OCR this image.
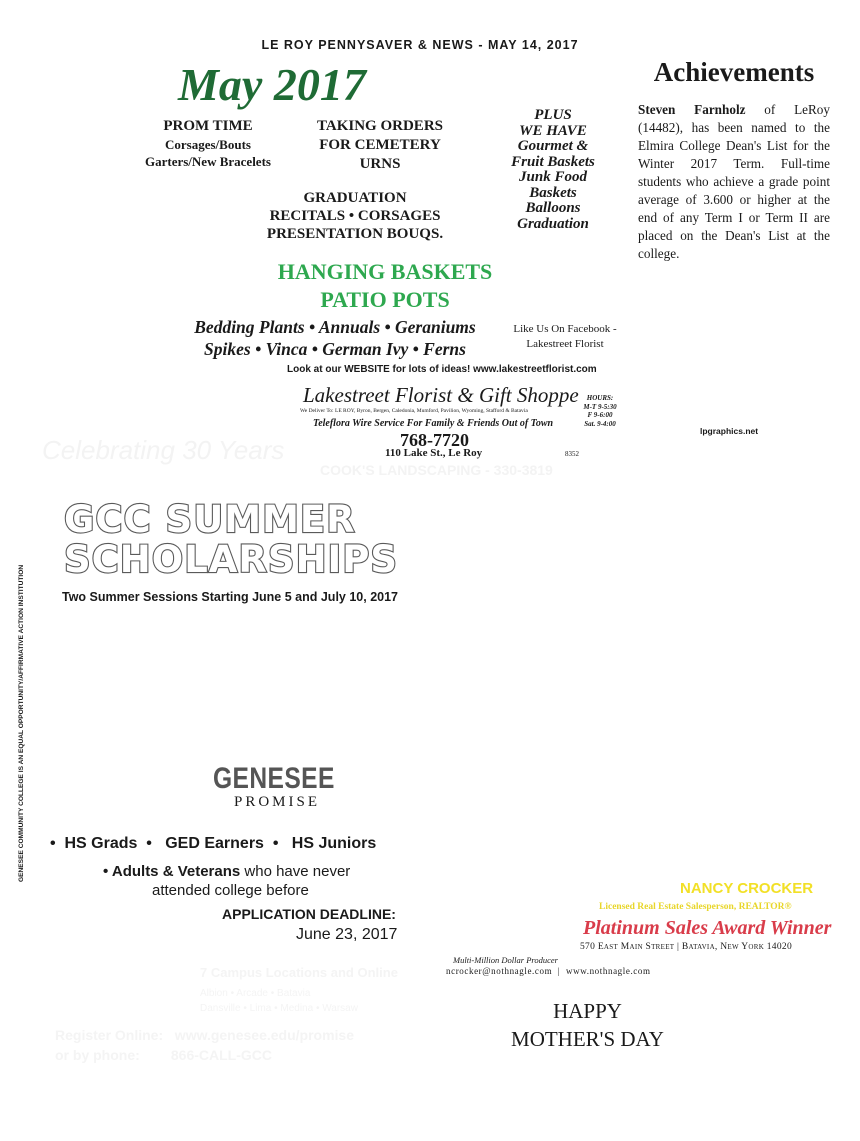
LE ROY PENNYSAVER & NEWS - MAY 14, 2017
May 2017
PROM TIME
Corsages/Bouts
Garters/New Bracelets
TAKING ORDERS
FOR CEMETERY
URNS
GRADUATION
RECITALS • CORSAGES
PRESENTATION BOUQS.
PLUS
WE HAVE
Gourmet &
Fruit Baskets
Junk Food
Baskets
Balloons
Graduation
HANGING BASKETS
PATIO POTS
Bedding Plants • Annuals • Geraniums
Spikes • Vinca • German Ivy • Ferns
Like Us On Facebook -
Lakestreet Florist
Look at our WEBSITE for lots of ideas! www.lakestreetflorist.com
Lakestreet Florist & Gift Shoppe
We Deliver To: LE ROY, Byron, Bergen, Caledonia, Mumford, Pavilion, Wyoming, Stafford & Batavia
Teleflora Wire Service For Family & Friends Out of Town
HOURS:
M-T 9-5:30
F 9-6:00
Sat. 9-4:00
768-7720
110 Lake St., Le Roy	8352
lpgraphics.net
Celebrating 30 Years
COOK'S LANDSCAPING - 330-3819
Achievements
Steven Farnholz of LeRoy (14482), has been named to the Elmira College Dean's List for the Winter 2017 Term. Full-time students who achieve a grade point average of 3.600 or higher at the end of any Term I or Term II are placed on the Dean's List at the college.
GCC SUMMER
SCHOLARSHIPS
Two Summer Sessions Starting June 5 and July 10, 2017
GENESEE COMMUNITY COLLEGE IS AN EQUAL OPPORTUNITY/AFFIRMATIVE ACTION INSTITUTION	GENESEE
PROMISE
•  HS Grads  •   GED Earners  •   HS Juniors
• Adults & Veterans who have never
attended college before
APPLICATION DEADLINE:
June 23, 2017
7 Campus Locations and Online
Albion • Arcade • Batavia
Dansville • Lima • Medina • Warsaw
Register Online:   www.genesee.edu/promise
or by phone:        866-CALL-GCC
NANCY CROCKER
Licensed Real Estate Salesperson, REALTOR®
Platinum Sales Award Winner
570 East Main Street | Batavia, New York 14020
Multi-Million Dollar Producer
ncrocker@nothnagle.com  |  www.nothnagle.com
HAPPY
MOTHER'S DAY
